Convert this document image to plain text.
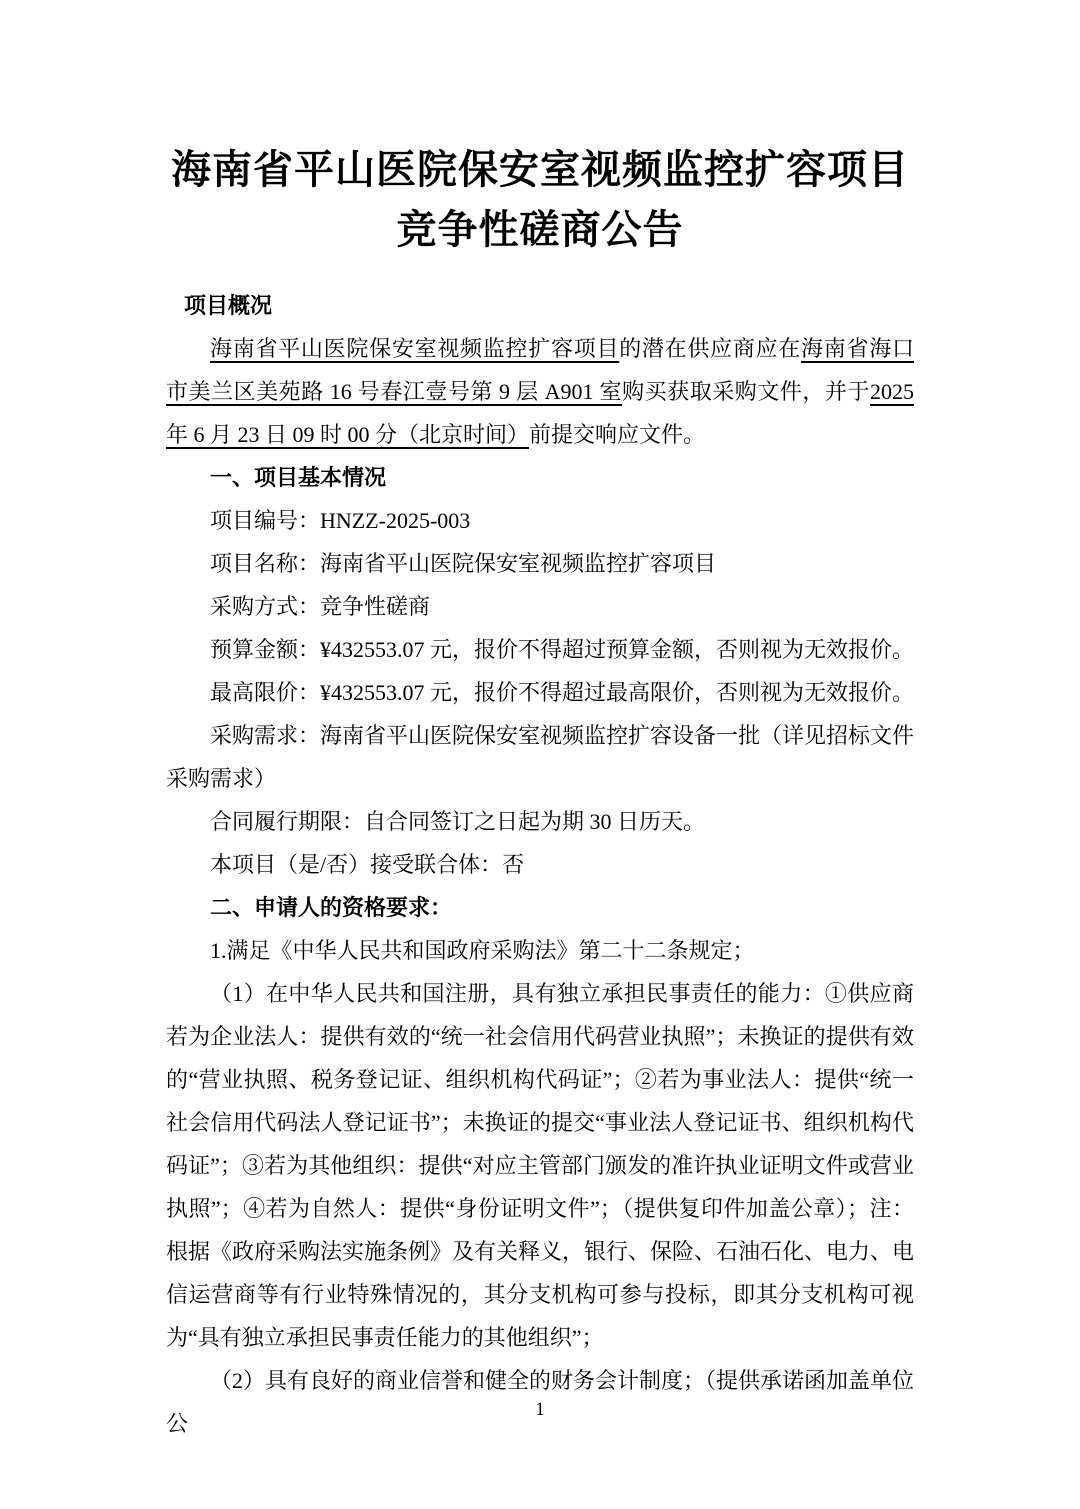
海南省平山医院保安室视频监控扩容项目
竞争性磋商公告

项目概况

海南省平山医院保安室视频监控扩容项目的潜在供应商应在海南省海口市美兰区美苑路 16 号春江壹号第 9 层 A901 室购买获取采购文件，并于2025 年 6 月 23 日 09 时 00 分（北京时间）前提交响应文件。

一、项目基本情况

项目编号：HNZZ-2025-003

项目名称：海南省平山医院保安室视频监控扩容项目

采购方式：竞争性磋商

预算金额：¥432553.07 元，报价不得超过预算金额，否则视为无效报价。

最高限价：¥432553.07 元，报价不得超过最高限价，否则视为无效报价。

采购需求：海南省平山医院保安室视频监控扩容设备一批（详见招标文件采购需求）

合同履行期限：自合同签订之日起为期 30 日历天。

本项目（是/否）接受联合体：否

二、申请人的资格要求：

1.满足《中华人民共和国政府采购法》第二十二条规定；

（1）在中华人民共和国注册，具有独立承担民事责任的能力：①供应商若为企业法人：提供有效的“统一社会信用代码营业执照”；未换证的提供有效的“营业执照、税务登记证、组织机构代码证”；②若为事业法人：提供“统一社会信用代码法人登记证书”；未换证的提交“事业法人登记证书、组织机构代码证”；③若为其他组织：提供“对应主管部门颁发的准许执业证明文件或营业执照”；④若为自然人：提供“身份证明文件”；（提供复印件加盖公章）；注：根据《政府采购法实施条例》及有关释义，银行、保险、石油石化、电力、电信运营商等有行业特殊情况的，其分支机构可参与投标，即其分支机构可视为“具有独立承担民事责任能力的其他组织”；

（2）具有良好的商业信誉和健全的财务会计制度；（提供承诺函加盖单位公

1
